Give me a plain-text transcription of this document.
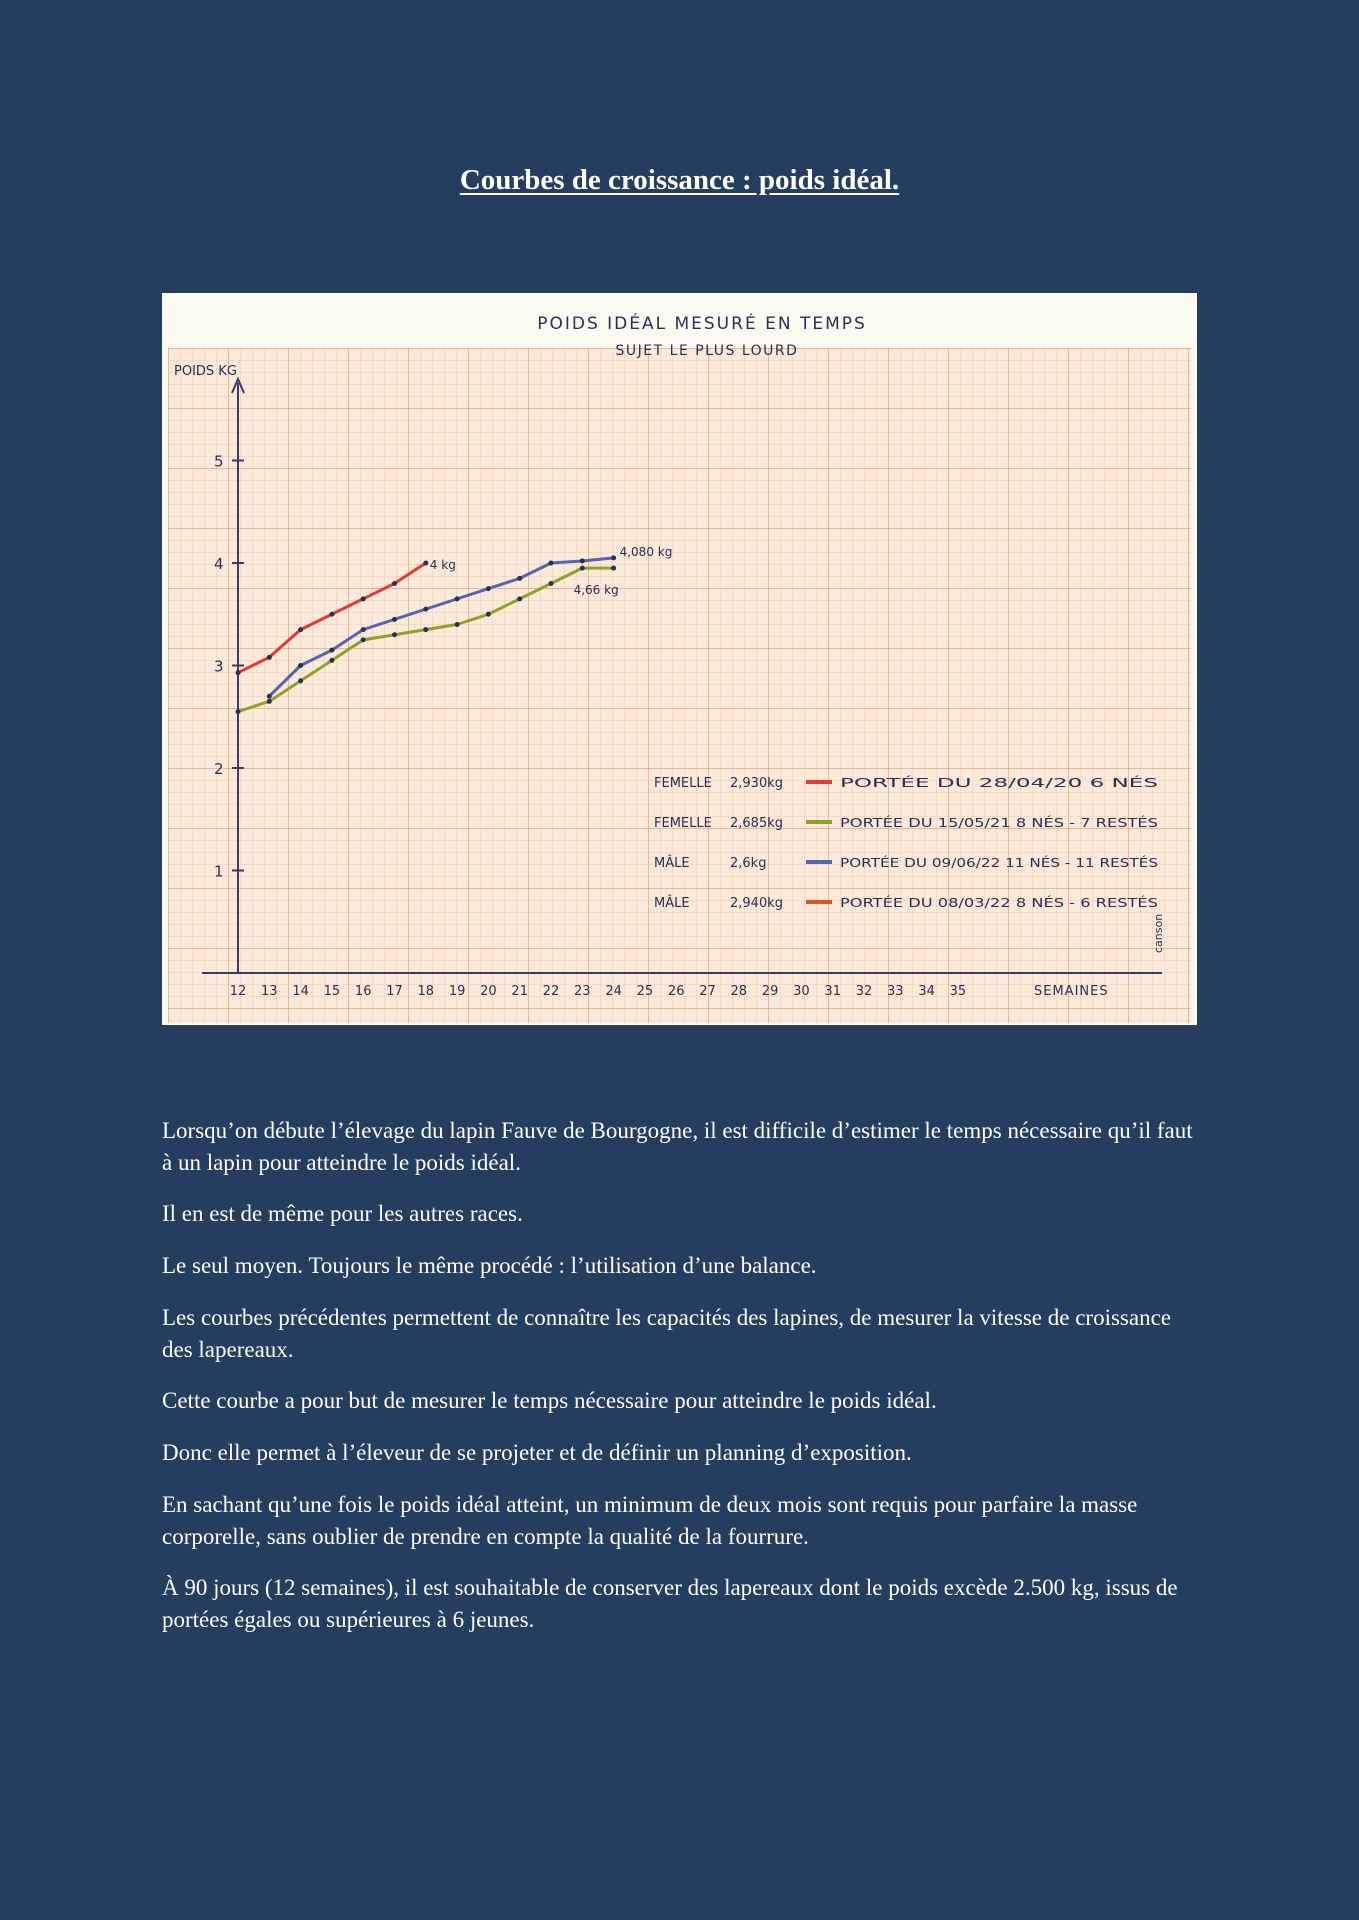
Courbes de croissance : poids idéal.
POIDS IDÉAL MESURÉ EN TEMPS
SUJET LE PLUS LOURD
POIDS KG
1
2
3
4
5
12 13 14 15 16 17 18 19 20 21 22 23 24 25 26 27 28 29 30 31 32 33 34 35	SEMAINES
4 kg
4,66 kg
4,080 kg
FEMELLE 2,930kg	PORTÉE DU 28/04/20 6 NÉS
FEMELLE 2,685kg	PORTÉE DU 15/05/21 8 NÉS - 7 RESTÉS
MÂLE	2,6kg	PORTÉE DU 09/06/22 11 NÉS - 11 RESTÉS
MÂLE	2,940kg	PORTÉE DU 08/03/22 8 NÉS - 6 RESTÉS
canson

Lorsqu’on débute l’élevage du lapin Fauve de Bourgogne, il est difficile d’estimer le temps nécessaire qu’il faut à un lapin pour atteindre le poids idéal.

Il en est de même pour les autres races.

Le seul moyen. Toujours le même procédé : l’utilisation d’une balance.

Les courbes précédentes permettent de connaître les capacités des lapines, de mesurer la vitesse de croissance des lapereaux.

Cette courbe a pour but de mesurer le temps nécessaire pour atteindre le poids idéal.

Donc elle permet à l’éleveur de se projeter et de définir un planning d’exposition.

En sachant qu’une fois le poids idéal atteint, un minimum de deux mois sont requis pour parfaire la masse corporelle, sans oublier de prendre en compte la qualité de la fourrure.

À 90 jours (12 semaines), il est souhaitable de conserver des lapereaux dont le poids excède 2.500 kg, issus de portées égales ou supérieures à 6 jeunes.
